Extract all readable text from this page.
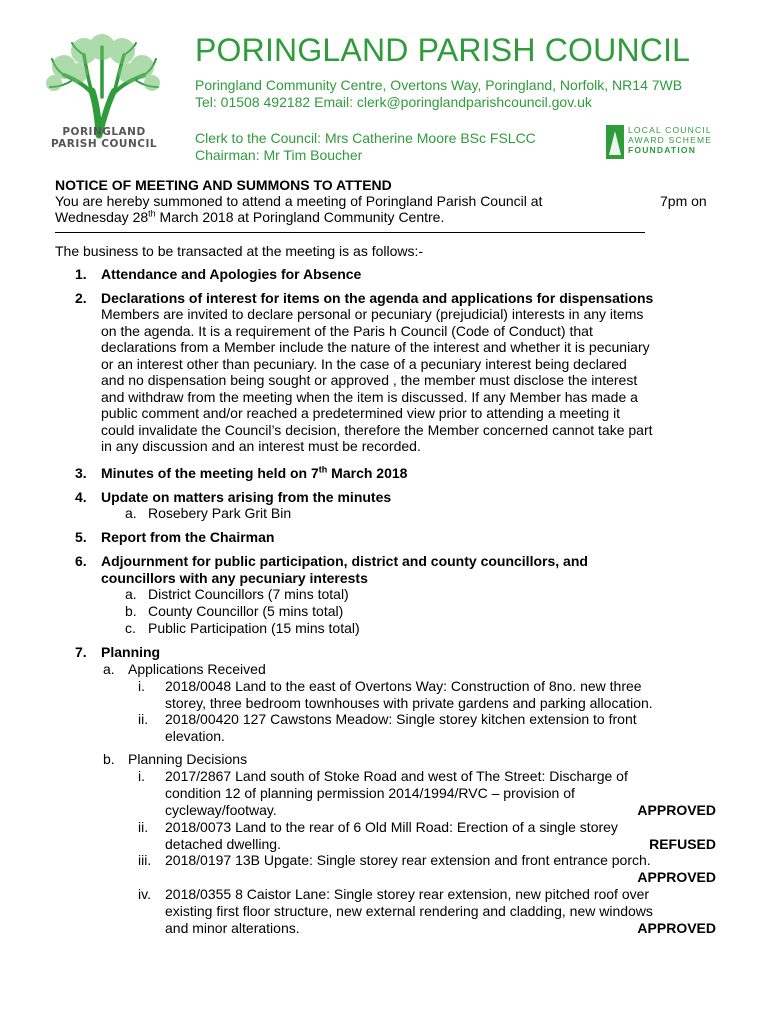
PORINGLAND
PARISH COUNCIL
PORINGLAND PARISH COUNCIL
Poringland Community Centre, Overtons Way, Poringland, Norfolk, NR14 7WB
Tel: 01508 492182 Email: clerk@poringlandparishcouncil.gov.uk
Clerk to the Council: Mrs Catherine Moore BSc FSLCC
Chairman: Mr Tim Boucher
LOCAL COUNCIL
AWARD SCHEME
FOUNDATION
NOTICE OF MEETING AND SUMMONS TO ATTEND
You are hereby summoned to attend a meeting of Poringland Parish Council at	7pm on
Wednesday 28th March 2018 at Poringland Community Centre.
The business to be transacted at the meeting is as follows:-
1. Attendance and Apologies for Absence
2. Declarations of interest for items on the agenda and applications for dispensations
Members are invited to declare personal or pecuniary (prejudicial) interests in any items
on the agenda. It is a requirement of the Paris h Council (Code of Conduct) that
declarations from a Member include the nature of the interest and whether it is pecuniary
or an interest other than pecuniary. In the case of a pecuniary interest being declared
and no dispensation being sought or approved , the member must disclose the interest
and withdraw from the meeting when the item is discussed. If any Member has made a
public comment and/or reached a predetermined view prior to attending a meeting it
could invalidate the Council’s decision, therefore the Member concerned cannot take part
in any discussion and an interest must be recorded.
3. Minutes of the meeting held on 7th March 2018
4. Update on matters arising from the minutes
a. Rosebery Park Grit Bin
5. Report from the Chairman
6. Adjournment for public participation, district and county councillors, and
councillors with any pecuniary interests
a. District Councillors (7 mins total)
b. County Councillor (5 mins total)
c. Public Participation (15 mins total)
7. Planning
a. Applications Received
i. 2018/0048 Land to the east of Overtons Way: Construction of 8no. new three
storey, three bedroom townhouses with private gardens and parking allocation.
ii. 2018/00420 127 Cawstons Meadow: Single storey kitchen extension to front
elevation.
b. Planning Decisions
i. 2017/2867 Land south of Stoke Road and west of The Street: Discharge of
condition 12 of planning permission 2014/1994/RVC – provision of
cycleway/footway.	APPROVED
ii. 2018/0073 Land to the rear of 6 Old Mill Road: Erection of a single storey
detached dwelling.	REFUSED
iii. 2018/0197 13B Upgate: Single storey rear extension and front entrance porch.
APPROVED
iv. 2018/0355 8 Caistor Lane: Single storey rear extension, new pitched roof over
existing first floor structure, new external rendering and cladding, new windows
and minor alterations.	APPROVED
